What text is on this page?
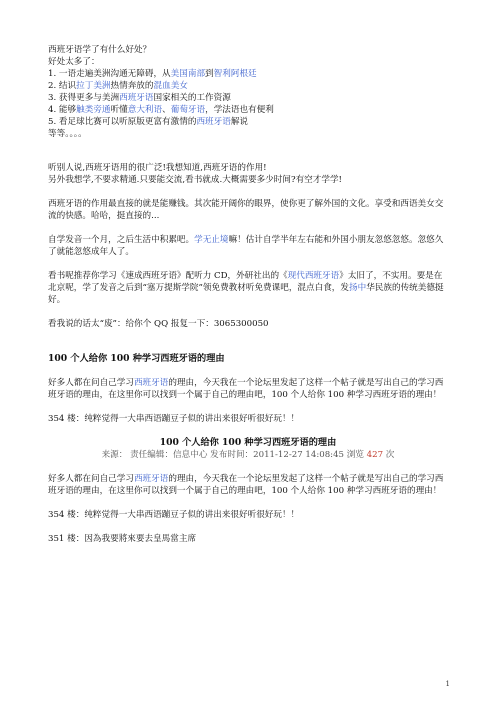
西班牙语学了有什么好处？

好处太多了：

1. 一语走遍美洲沟通无障碍，从美国南部到智利阿根廷

2. 结识拉丁美洲热情奔放的混血美女

3. 获得更多与美洲西班牙语国家相关的工作资源

4. 能够触类旁通听懂意大利语、葡萄牙语，学法语也有便利

5. 看足球比赛可以听原版更富有激情的西班牙语解说

等等。。。。

听别人说,西班牙语用的很广泛!我想知道,西班牙语的作用!

另外我想学,不要求精通.只要能交流,看书就成.大概需要多少时间?有空才学学!

西班牙语的作用最直接的就是能赚钱。其次能开阔你的眼界，使你更了解外国的文化。享受和西语美女交流的快感。哈哈，挺直接的...

自学发音一个月，之后生活中积累吧。学无止境嘛！估计自学半年左右能和外国小朋友忽悠忽悠。忽悠久了就能忽悠成年人了。

看书呢推荐你学习《速成西班牙语》配听力 CD，外研社出的《现代西班牙语》太旧了，不实用。要是在北京呢，学了发音之后到“塞万提斯学院”领免费教材听免费课吧，混点白食，发扬中华民族的传统美德挺好。

看我说的话太“废”：给你个 QQ 报复一下：3065300050

100 个人给你 100 种学习西班牙语的理由

好多人都在问自己学习西班牙语的理由，今天我在一个论坛里发起了这样一个帖子就是写出自己的学习西班牙语的理由，在这里你可以找到一个属于自己的理由吧，100 个人给你 100 种学习西班牙语的理由！

354 楼：纯粹觉得一大串西语蹦豆子似的讲出来很好听很好玩！！

100 个人给你 100 种学习西班牙语的理由

来源： 责任编辑：信息中心 发布时间：2011-12-27 14:08:45 浏览 427 次

好多人都在问自己学习西班牙语的理由，今天我在一个论坛里发起了这样一个帖子就是写出自己的学习西班牙语的理由，在这里你可以找到一个属于自己的理由吧，100 个人给你 100 种学习西班牙语的理由！

354 楼：纯粹觉得一大串西语蹦豆子似的讲出来很好听很好玩！！

351 楼：因為我要將來要去皇馬當主席

1
